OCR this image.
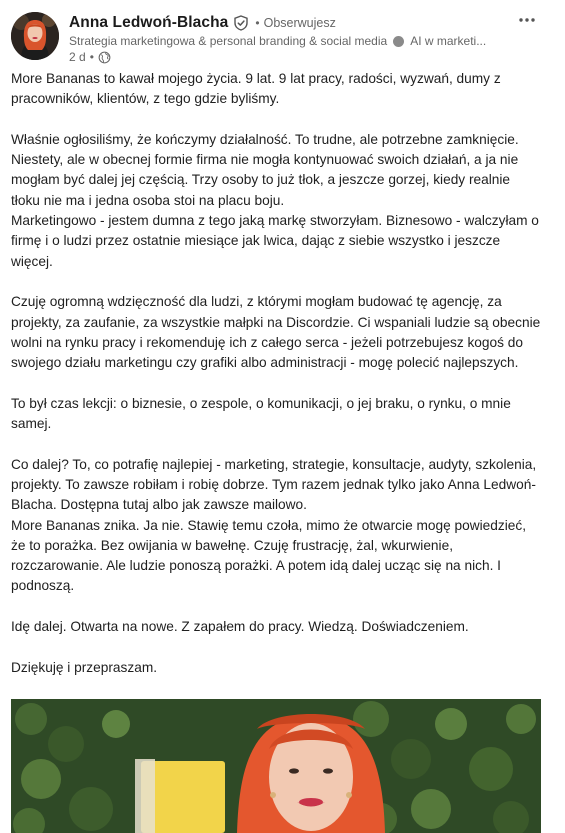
Anna Ledwoń-Blacha • Obserwujesz
Strategia marketingowa & personal branding & social media AI w marketi...
2 d •

More Bananas to kawał mojego życia. 9 lat. 9 lat pracy, radości, wyzwań, dumy z pracowników, klientów, z tego gdzie byliśmy.

Właśnie ogłosiliśmy, że kończymy działalność. To trudne, ale potrzebne zamknięcie. Niestety, ale w obecnej formie firma nie mogła kontynuować swoich działań, a ja nie mogłam być dalej jej częścią. Trzy osoby to już tłok, a jeszcze gorzej, kiedy realnie tłoku nie ma i jedna osoba stoi na placu boju.

Marketingowo - jestem dumna z tego jaką markę stworzyłam. Biznesowo - walczyłam o firmę i o ludzi przez ostatnie miesiące jak lwica, dając z siebie wszystko i jeszcze więcej.

Czuję ogromną wdzięczność dla ludzi, z którymi mogłam budować tę agencję, za projekty, za zaufanie, za wszystkie małpki na Discordzie. Ci wspaniali ludzie są obecnie wolni na rynku pracy i rekomenduję ich z całego serca - jeżeli potrzebujesz kogoś do swojego działu marketingu czy grafiki albo administracji - mogę polecić najlepszych.

To był czas lekcji: o biznesie, o zespole, o komunikacji, o jej braku, o rynku, o mnie samej.

Co dalej? To, co potrafię najlepiej - marketing, strategie, konsultacje, audyty, szkolenia, projekty. To zawsze robiłam i robię dobrze. Tym razem jednak tylko jako Anna Ledwoń-Blacha. Dostępna tutaj albo jak zawsze mailowo.

More Bananas znika. Ja nie. Stawię temu czoła, mimo że otwarcie mogę powiedzieć, że to porażka. Bez owijania w bawełnę. Czuję frustrację, żal, wkurwienie, rozczarowanie. Ale ludzie ponoszą porażki. A potem idą dalej ucząc się na nich. I podnoszą.

Idę dalej. Otwarta na nowe. Z zapałem do pracy. Wiedzą. Doświadczeniem.

Dziękuję i przepraszam.
